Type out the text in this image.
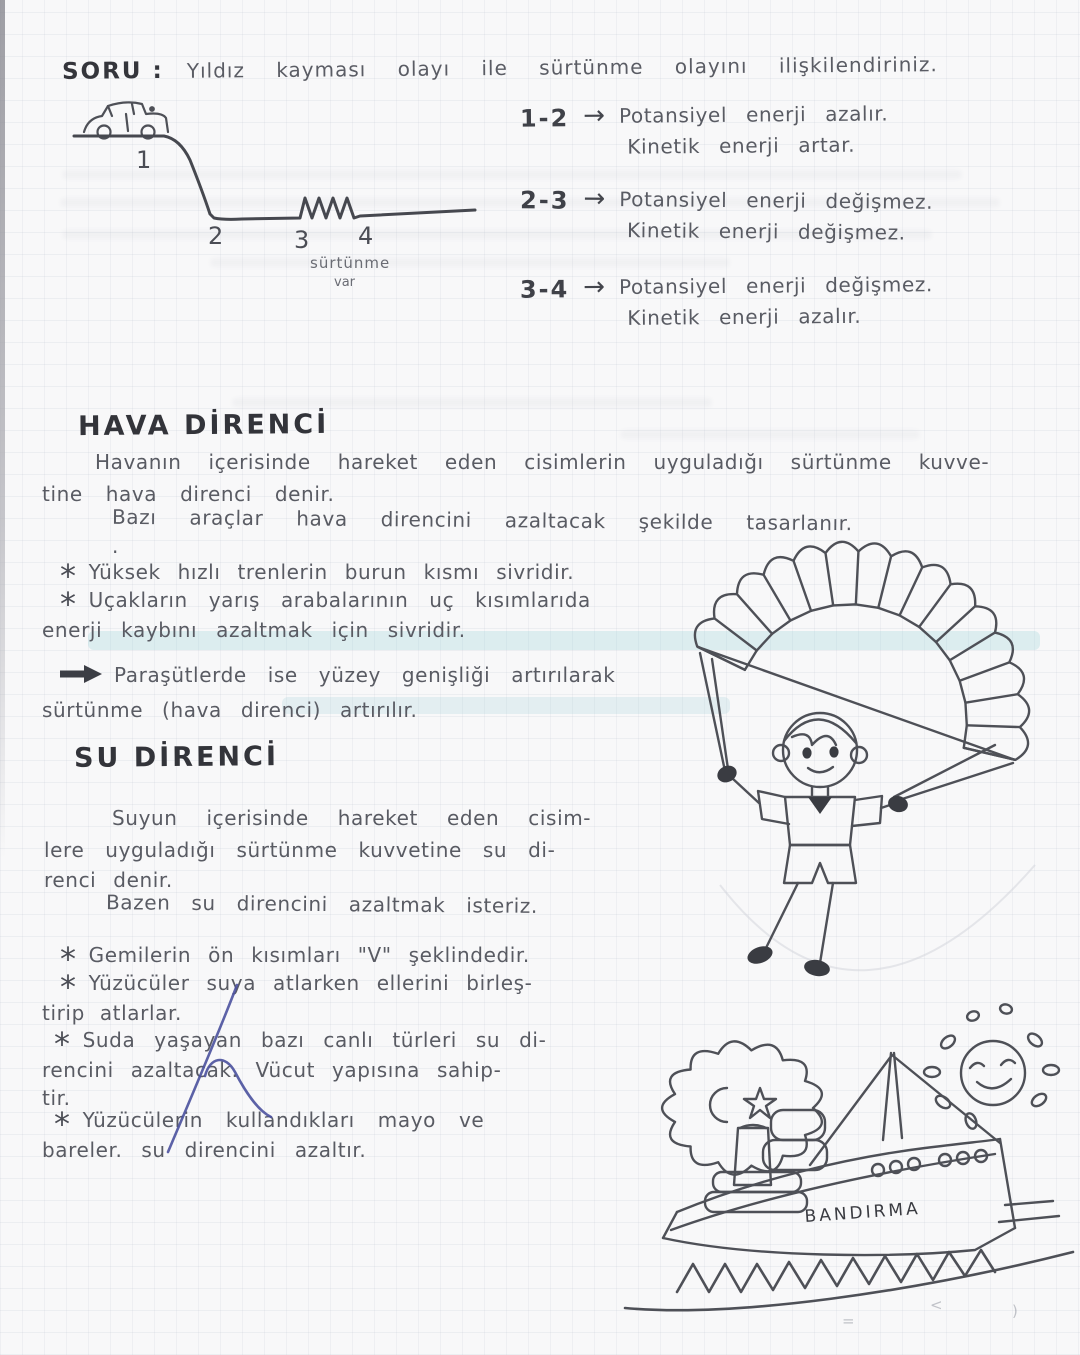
SORU : Yıldız kayması olayı ile sürtünme olayını ilişkilendiriniz.
1
2	3 4
sürtünme
var
1-2 → Potansiyel enerji azalır.
Kinetik enerji artar.
2-3 → Potansiyel enerji değişmez.
Kinetik enerji değişmez.
3-4 → Potansiyel enerji değişmez.
Kinetik enerji azalır.
HAVA DİRENCİ
Havanın içerisinde hareket eden cisimlerin uyguladığı sürtünme kuvve-
tine hava direnci denir.
Bazı araçlar hava direncini azaltacak şekilde tasarlanır.
.
* Yüksek hızlı trenlerin burun kısmı sivridir.
* Uçakların yarış arabalarının uç kısımlarıda
enerji kaybını azaltmak için sivridir.
Paraşütlerde ise yüzey genişliği artırılarak
sürtünme (hava direnci) artırılır.
SU DİRENCİ
Suyun içerisinde hareket eden cisim-
lere uyguladığı sürtünme kuvvetine su di-
renci denir.
Bazen su direncini azaltmak isteriz.
* Gemilerin ön kısımları "V" şeklindedir.
* Yüzücüler suya atlarken ellerini birleş-
tirip atlarlar.
* Suda yaşayan bazı canlı türleri su di-
rencini azaltacak. Vücut yapısına sahip-
tir.
* Yüzücülerin kullandıkları mayo ve
bareler. su direncini azaltır.
BANDIRMA
<	)
=
